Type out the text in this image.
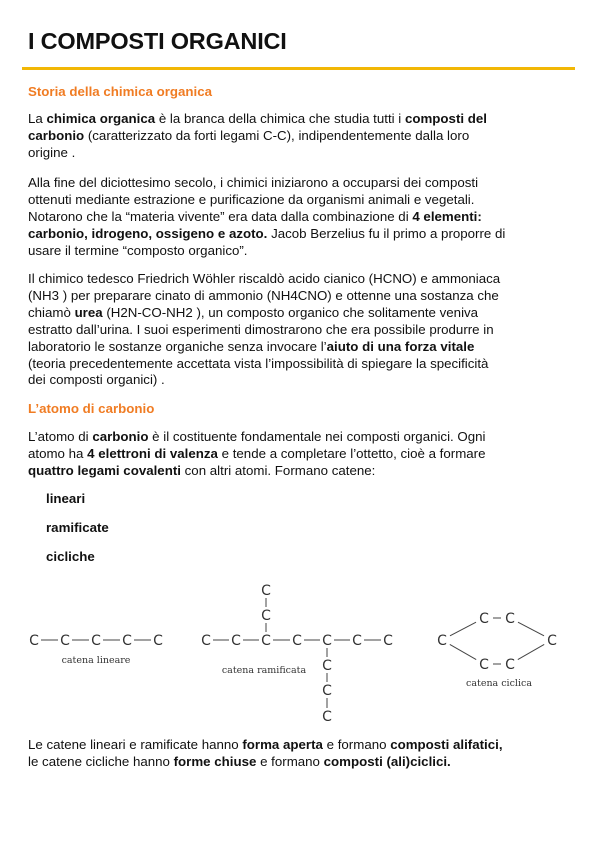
I COMPOSTI ORGANICI
Storia della chimica organica

La chimica organica è la branca della chimica che studia tutti i composti del
carbonio (caratterizzato da forti legami C-C), indipendentemente dalla loro
origine .

Alla fine del diciottesimo secolo, i chimici iniziarono a occuparsi dei composti
ottenuti mediante estrazione e purificazione da organismi animali e vegetali.
Notarono che la “materia vivente” era data dalla combinazione di 4 elementi:
carbonio, idrogeno, ossigeno e azoto. Jacob Berzelius fu il primo a proporre di
usare il termine “composto organico”.

Il chimico tedesco Friedrich Wöhler riscaldò acido cianico (HCNO) e ammoniaca
(NH3 ) per preparare cinato di ammonio (NH4CNO) e ottenne una sostanza che
chiamò urea (H2N-CO-NH2 ), un composto organico che solitamente veniva
estratto dall’urina. I suoi esperimenti dimostrarono che era possibile produrre in
laboratorio le sostanze organiche senza invocare l’aiuto di una forza vitale
(teoria precedentemente accettata vista l’impossibilità di spiegare la specificità
dei composti organici) .

L’atomo di carbonio

L’atomo di carbonio è il costituente fondamentale nei composti organici. Ogni
atomo ha 4 elettroni di valenza e tende a completare l’ottetto, cioè a formare
quattro legami covalenti con altri atomi. Formano catene:

lineari

ramificate

cicliche

C C C C C
catena lineare
C C C C C C C
C
C
C
C
C
catena ramificata
C C
C
C
C
C
catena ciclica

Le catene lineari e ramificate hanno forma aperta e formano composti alifatici,
le catene cicliche hanno forme chiuse e formano composti (ali)ciclici.
